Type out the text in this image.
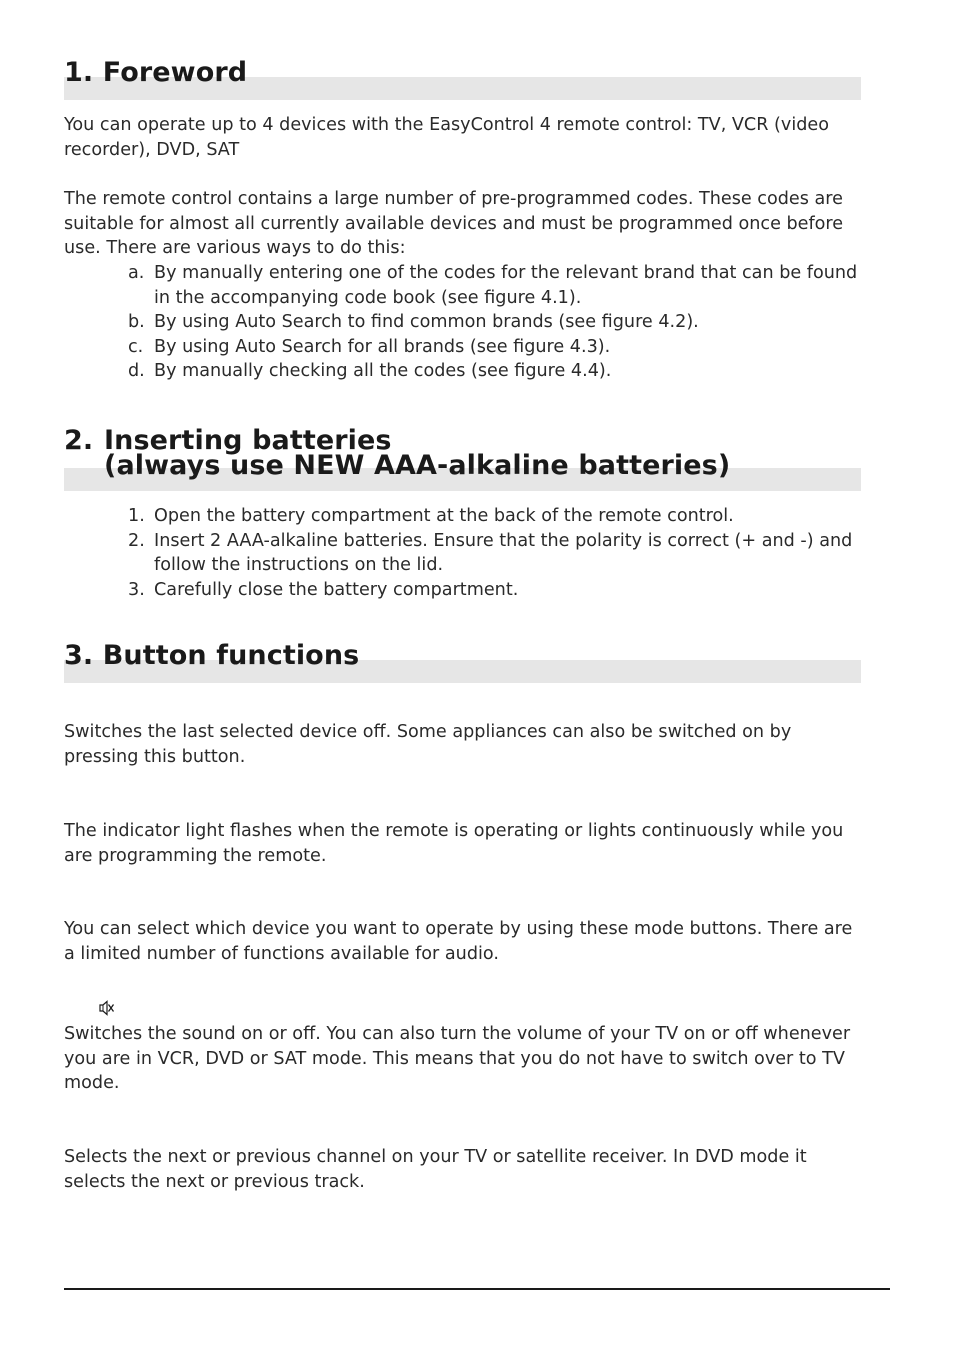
1. Foreword

You can operate up to 4 devices with the EasyControl 4 remote control: TV, VCR (video recorder), DVD, SAT

The remote control contains a large number of pre-programmed codes. These codes are suitable for almost all currently available devices and must be programmed once before use. There are various ways to do this:

a. By manually entering one of the codes for the relevant brand that can be found in the accompanying code book (see figure 4.1).
b. By using Auto Search to find common brands (see figure 4.2).
c. By using Auto Search for all brands (see figure 4.3).
d. By manually checking all the codes (see figure 4.4).
2. Inserting batteries
(always use NEW AAA-alkaline batteries)
1. Open the battery compartment at the back of the remote control.
2. Insert 2 AAA-alkaline batteries. Ensure that the polarity is correct (+ and -) and follow the instructions on the lid.
3. Carefully close the battery compartment.
3. Button functions

Switches the last selected device off. Some appliances can also be switched on by pressing this button.

The indicator light flashes when the remote is operating or lights continuously while you are programming the remote.

You can select which device you want to operate by using these mode buttons. There are a limited number of functions available for audio.

Switches the sound on or off. You can also turn the volume of your TV on or off whenever you are in VCR, DVD or SAT mode. This means that you do not have to switch over to TV mode.

Selects the next or previous channel on your TV or satellite receiver. In DVD mode it selects the next or previous track.
